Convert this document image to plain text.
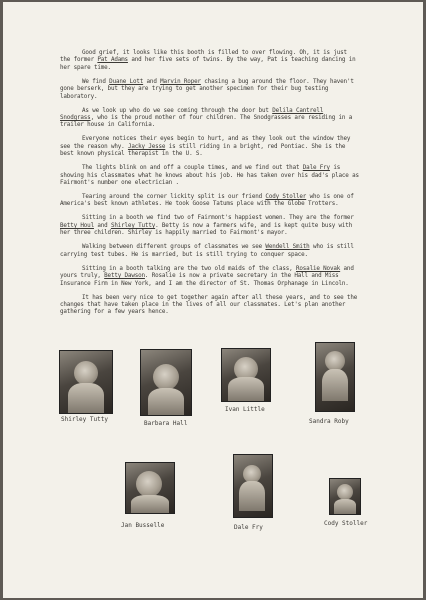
Good grief, it looks like this booth is filled to over flowing. Oh, it is just the former Pat Adams and her five sets of twins. By the way, Pat is teaching dancing in her spare time.

We find Duane Lott and Marvin Roper chasing a bug around the floor. They haven't gone berserk, but they are trying to get another specimen for their bug testing laboratory.

As we look up who do we see coming through the door but Delila Cantrell Snodgrass, who is the proud mother of four children. The Snodgrasses are residing in a trailer house in California.

Everyone notices their eyes begin to hurt, and as they look out the window they see the reason why. Jacky Jesse is still riding in a bright, red Pontiac. She is the best known physical therapist in the U. S.

The lights blink on and off a couple times, and we find out that Dale Fry is showing his classmates what he knows about his job. He has taken over his dad's place as Fairmont's number one electrician .

Tearing around the corner lickity split is our friend Cody Stoller who is one of America's best known athletes. He took Goose Tatums place with the Globe Trotters.

Sitting in a booth we find two of Fairmont's happiest women. They are the former Betty Houl and Shirley Tutty. Betty is now a farmers wife, and is kept quite busy with her three children. Shirley is happily married to Fairmont's mayor.

Walking between different groups of classmates we see Wendell Smith who is still carrying test tubes. He is married, but is still trying to conquer space.

Sitting in a booth talking are the two old maids of the class, Rosalie Novak and yours truly, Betty Dawson. Rosalie is now a private secretary in the Hall and Miss Insurance Firm in New York, and I am the director of St. Thomas Orphanage in Lincoln.

It has been very nice to get together again after all these years, and to see the changes that have taken place in the lives of all our classmates. Let's plan another gathering for a few years hence.

Shirley Tutty
Barbara Hall
Ivan Little
Sandra Roby
Jan Busselle	Dale Fry
Cody Stoller
